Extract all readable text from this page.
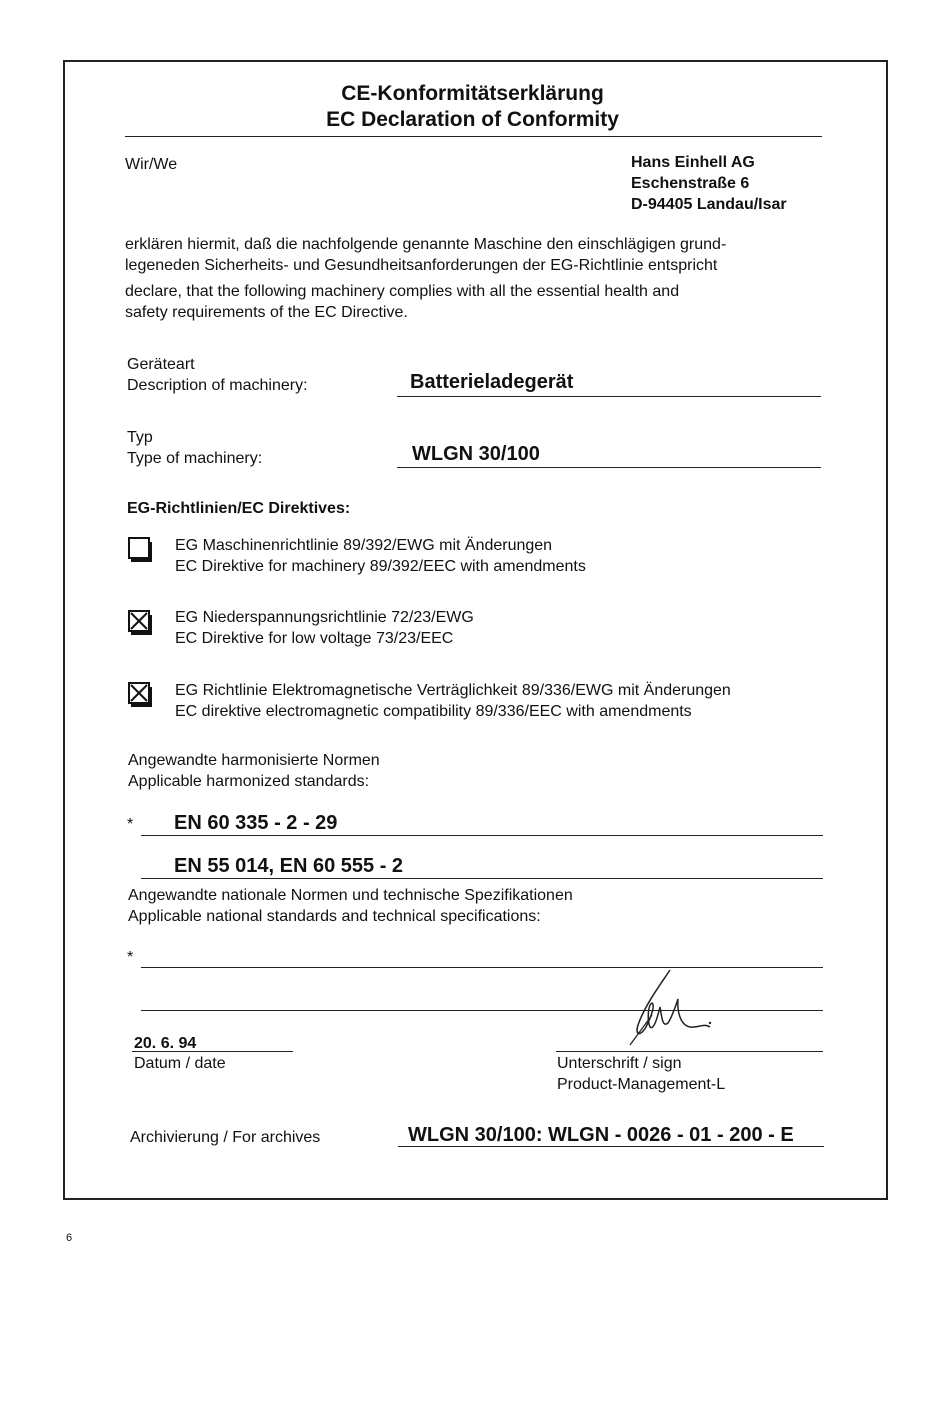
CE-Konformitätserklärung
EC Declaration of Conformity
Wir/We	Hans Einhell AG
Eschenstraße 6
D-94405 Landau/Isar
erklären hiermit, daß die nachfolgende genannte Maschine den einschlägigen grund-
legeneden Sicherheits- und Gesundheitsanforderungen der EG-Richtlinie entspricht
declare, that the following machinery complies with all the essential health and
safety requirements of the EC Directive.
Geräteart
Description of machinery:	Batterieladegerät
Typ
Type of machinery:	WLGN 30/100
EG-Richtlinien/EC Direktives:
EG Maschinenrichtlinie 89/392/EWG mit Änderungen
EC Direktive for machinery 89/392/EEC with amendments
EG Niederspannungsrichtlinie 72/23/EWG
EC Direktive for low voltage 73/23/EEC
EG Richtlinie Elektromagnetische Verträglichkeit 89/336/EWG mit Änderungen
EC direktive electromagnetic compatibility 89/336/EEC with amendments
Angewandte harmonisierte Normen
Applicable harmonized standards:
* EN 60 335 - 2 - 29
EN 55 014, EN 60 555 - 2
Angewandte nationale Normen und technische Spezifikationen
Applicable national standards and technical specifications:
*
20. 6. 94
Datum / date	Unterschrift / sign
Product-Management-L
Archivierung / For archives	WLGN 30/100: WLGN - 0026 - 01 - 200 - E
6
